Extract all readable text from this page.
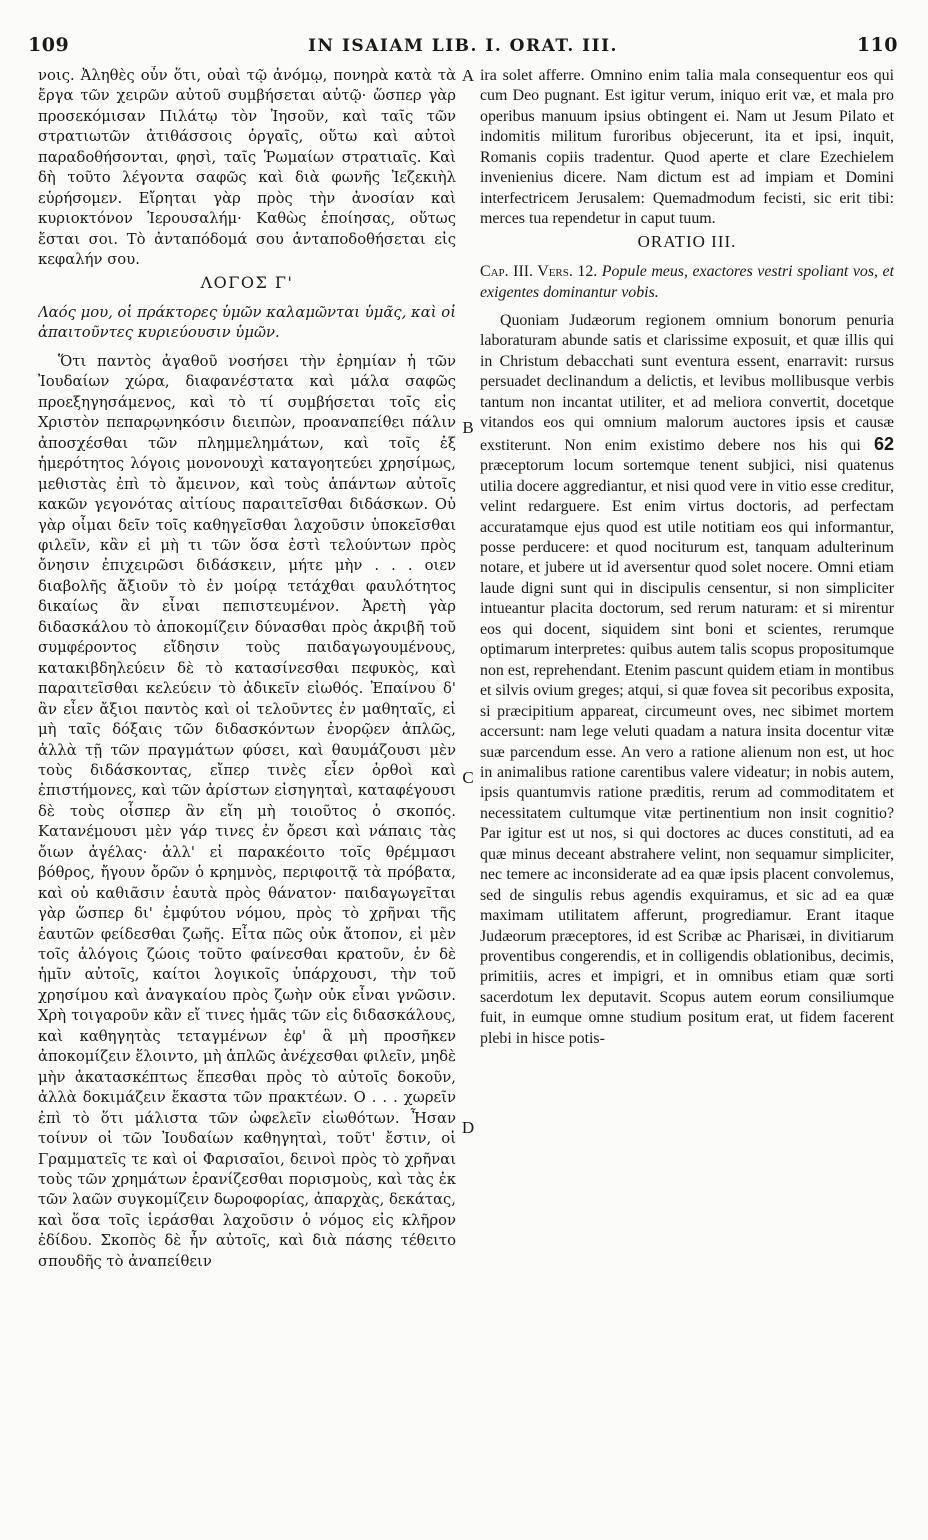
109	IN ISAIAM LIB. I. ORAT. III.	110

νοις. Ἀληθὲς οὖν ὅτι, οὐαὶ τῷ ἀνόμῳ, πονηρὰ κατὰ τὰ ἔργα τῶν χειρῶν αὐτοῦ συμβήσεται αὐτῷ· ὥσπερ γὰρ προσεκόμισαν Πιλάτῳ τὸν Ἰησοῦν, καὶ ταῖς τῶν στρατιωτῶν ἀτιθάσσοις ὀργαῖς, οὕτω καὶ αὐτοὶ παραδοθήσονται, φησὶ, ταῖς Ῥωμαίων στρατιαῖς. Καὶ δὴ τοῦτο λέγοντα σαφῶς καὶ διὰ φωνῆς Ἰεζεκιὴλ εὑρήσομεν. Εἴρηται γὰρ πρὸς τὴν ἀνοσίαν καὶ κυριοκτόνον Ἱερουσαλήμ· Καθὼς ἐποίησας, οὕτως ἔσται σοι. Τὸ ἀνταπόδομά σου ἀνταποδοθήσεται εἰς κεφαλήν σου.

ΛΟΓΟΣ Γ'

Λαός μου, οἱ πράκτορες ὑμῶν καλαμῶνται ὑμᾶς, καὶ οἱ ἀπαιτοῦντες κυριεύουσιν ὑμῶν.

Ὅτι παντὸς ἀγαθοῦ νοσήσει τὴν ἐρημίαν ἡ τῶν Ἰουδαίων χώρα, διαφανέστατα καὶ μάλα σαφῶς προεξηγησάμενος, καὶ τὸ τί συμβήσεται τοῖς εἰς Χριστὸν πεπαρῳνηκόσιν διειπὼν, προαναπείθει πάλιν ἀποσχέσθαι τῶν πλημμελημάτων, καὶ τοῖς ἐξ ἡμερότητος λόγοις μονονουχὶ καταγοητεύει χρησίμως, μεθιστὰς ἐπὶ τὸ ἄμεινον, καὶ τοὺς ἁπάντων αὐτοῖς κακῶν γεγονότας αἰτίους παραιτεῖσθαι διδάσκων. Οὐ γὰρ οἶμαι δεῖν τοῖς καθηγεῖσθαι λαχοῦσιν ὑποκεῖσθαι φιλεῖν, κἂν εἰ μὴ τι τῶν ὅσα ἐστὶ τελούντων πρὸς ὄνησιν ἐπιχειρῶσι διδάσκειν, μήτε μὴν . . . οιεν διαβολῆς ἄξιοῦν τὸ ἐν μοίρᾳ τετάχθαι φαυλότητος δικαίως ἂν εἶναι πεπιστευμένον. Ἀρετὴ γὰρ διδασκάλου τὸ ἀποκομίζειν δύνασθαι πρὸς ἀκριβῆ τοῦ συμφέροντος εἴδησιν τοὺς παιδαγωγουμένους, κατακιβδηλεύειν δὲ τὸ κατασίνεσθαι πεφυκὸς, καὶ παραιτεῖσθαι κελεύειν τὸ ἀδικεῖν εἰωθός. Ἐπαίνου δ' ἂν εἶεν ἄξιοι παντὸς καὶ οἱ τελοῦντες ἐν μαθηταῖς, εἰ μὴ ταῖς δόξαις τῶν διδασκόντων ἐνορῷεν ἁπλῶς, ἀλλὰ τῇ τῶν πραγμάτων φύσει, καὶ θαυμάζουσι μὲν τοὺς διδάσκοντας, εἴπερ τινὲς εἶεν ὀρθοὶ καὶ ἐπιστήμονες, καὶ τῶν ἀρίστων εἰσηγηταὶ, καταφέγουσι δὲ τοὺς οἷσπερ ἂν εἴη μὴ τοιοῦτος ὁ σκοπός. Κατανέμουσι μὲν γάρ τινες ἐν ὄρεσι καὶ νάπαις τὰς ὄιων ἀγέλας· ἀλλ' εἰ παρακέοιτο τοῖς θρέμμασι βόθρος, ἤγουν ὄρῶν ὁ κρημνὸς, περιφοιτᾷ τὰ πρόβατα, καὶ οὐ καθιᾶσιν ἑαυτὰ πρὸς θάνατον· παιδαγωγεῖται γὰρ ὥσπερ δι' ἐμφύτου νόμου, πρὸς τὸ χρῆναι τῆς ἑαυτῶν φείδεσθαι ζωῆς. Εἶτα πῶς οὐκ ἄτοπον, εἰ μὲν τοῖς ἀλόγοις ζώοις τοῦτο φαίνεσθαι κρατοῦν, ἐν δὲ ἡμῖν αὐτοῖς, καίτοι λογικοῖς ὑπάρχουσι, τὴν τοῦ χρησίμου καὶ ἀναγκαίου πρὸς ζωὴν οὐκ εἶναι γνῶσιν. Χρὴ τοιγαροῦν κἂν εἴ τινες ἡμᾶς τῶν εἰς διδασκάλους, καὶ καθηγητὰς τεταγμένων ἐφ' ἃ μὴ προσῆκεν ἀποκομίζειν ἕλοιντο, μὴ ἁπλῶς ἀνέχεσθαι φιλεῖν, μηδὲ μὴν ἀκατασκέπτως ἕπεσθαι πρὸς τὸ αὐτοῖς δοκοῦν, ἀλλὰ δοκιμάζειν ἕκαστα τῶν πρακτέων. Ο . . . χωρεῖν ἐπὶ τὸ ὅτι μάλιστα τῶν ὠφελεῖν εἰωθότων. Ἦσαν τοίνυν οἱ τῶν Ἰουδαίων καθηγηταὶ, τοῦτ' ἔστιν, οἱ Γραμματεῖς τε καὶ οἱ Φαρισαῖοι, δεινοὶ πρὸς τὸ χρῆναι τοὺς τῶν χρημάτων ἐρανίζεσθαι πορισμοὺς, καὶ τὰς ἐκ τῶν λαῶν συγκομίζειν δωροφορίας, ἀπαρχὰς, δεκάτας, καὶ ὅσα τοῖς ἱεράσθαι λαχοῦσιν ὁ νόμος εἰς κλῆρον ἐδίδου. Σκοπὸς δὲ ἦν αὐτοῖς, καὶ διὰ πάσης τέθειτο σπουδῆς τὸ ἀναπείθειν

A
B
C
D

ira solet afferre. Omnino enim talia mala consequentur eos qui cum Deo pugnant. Est igitur verum, iniquo erit væ, et mala pro operibus manuum ipsius obtingent ei. Nam ut Jesum Pilato et indomitis militum furoribus objecerunt, ita et ipsi, inquit, Romanis copiis tradentur. Quod aperte et clare Ezechielem invenienius dicere. Nam dictum est ad impiam et Domini interfectricem Jerusalem: Quemadmodum fecisti, sic erit tibi: merces tua rependetur in caput tuum.

ORATIO III.

Cap. III. Vers. 12. Popule meus, exactores vestri spoliant vos, et exigentes dominantur vobis.

Quoniam Judæorum regionem omnium bonorum penuria laboraturam abunde satis et clarissime exposuit, et quæ illis qui in Christum debacchati sunt eventura essent, enarravit: rursus persuadet declinandum a delictis, et levibus mollibusque verbis tantum non incantat utiliter, et ad meliora convertit, docetque vitandos eos qui omnium malorum auctores ipsis et causæ exstiterunt. Non enim existimo debere nos his qui 62 præceptorum locum sortemque tenent subjici, nisi quatenus utilia docere aggrediantur, et nisi quod vere in vitio esse creditur, velint redarguere. Est enim virtus doctoris, ad perfectam accuratamque ejus quod est utile notitiam eos qui informantur, posse perducere: et quod nociturum est, tanquam adulterinum notare, et jubere ut id aversentur quod solet nocere. Omni etiam laude digni sunt qui in discipulis censentur, si non simpliciter intueantur placita doctorum, sed rerum naturam: et si mirentur eos qui docent, siquidem sint boni et scientes, rerumque optimarum interpretes: quibus autem talis scopus propositumque non est, reprehendant. Etenim pascunt quidem etiam in montibus et silvis ovium greges; atqui, si quæ fovea sit pecoribus exposita, si præcipitium appareat, circumeunt oves, nec sibimet mortem accersunt: nam lege veluti quadam a natura insita docentur vitæ suæ parcendum esse. An vero a ratione alienum non est, ut hoc in animalibus ratione carentibus valere videatur; in nobis autem, ipsis quantumvis ratione præditis, rerum ad commoditatem et necessitatem cultumque vitæ pertinentium non insit cognitio? Par igitur est ut nos, si qui doctores ac duces constituti, ad ea quæ minus deceant abstrahere velint, non sequamur simpliciter, nec temere ac inconsiderate ad ea quæ ipsis placent convolemus, sed de singulis rebus agendis exquiramus, et sic ad ea quæ maximam utilitatem afferunt, progrediamur. Erant itaque Judæorum præceptores, id est Scribæ ac Pharisæi, in divitiarum proventibus congerendis, et in colligendis oblationibus, decimis, primitiis, acres et impigri, et in omnibus etiam quæ sorti sacerdotum lex deputavit. Scopus autem eorum consiliumque fuit, in eumque omne studium positum erat, ut fidem facerent plebi in hisce potis-
